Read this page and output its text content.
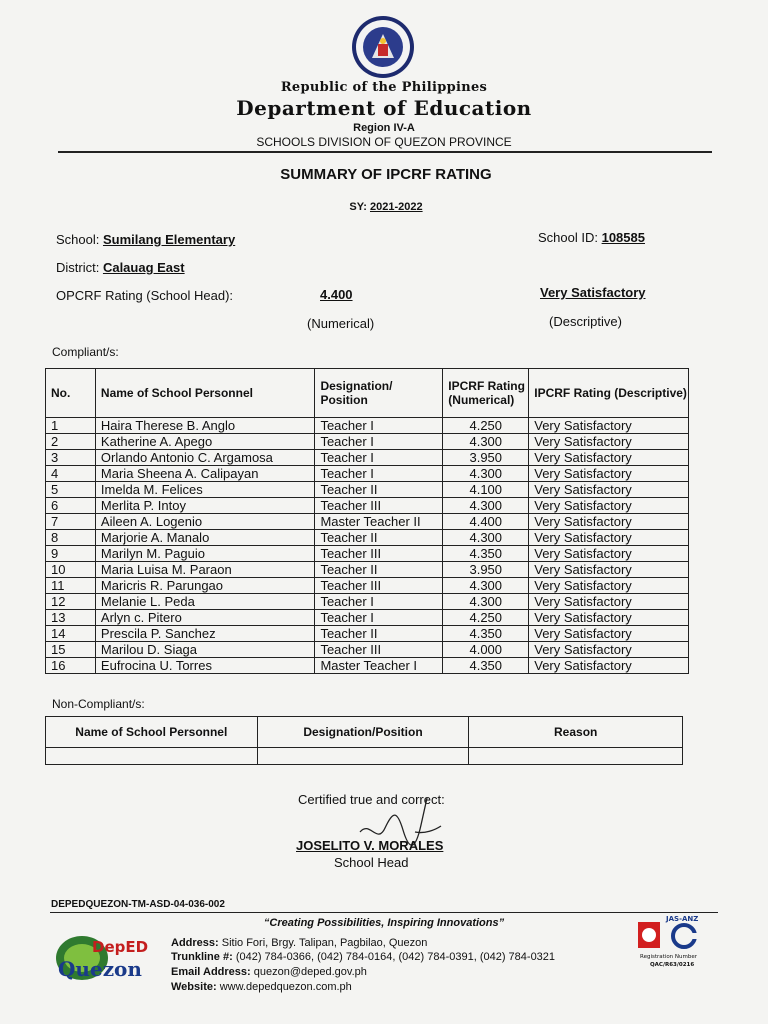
Republic of the Philippines
Department of Education
Region IV-A
SCHOOLS DIVISION OF QUEZON PROVINCE
SUMMARY OF IPCRF RATING
SY: 2021-2022
School: Sumilang Elementary	School ID: 108585
District: Calauag East
OPCRF Rating (School Head):	4.400	Very Satisfactory
(Numerical)	(Descriptive)
Compliant/s:
No.	Name of School Personnel	Designation/ Position	IPCRF Rating (Numerical)	IPCRF Rating (Descriptive)
1	Haira Therese B. Anglo	Teacher I	4.250	Very Satisfactory
2	Katherine A. Apego	Teacher I	4.300	Very Satisfactory
3	Orlando Antonio C. Argamosa	Teacher I	3.950	Very Satisfactory
4	Maria Sheena A. Calipayan	Teacher I	4.300	Very Satisfactory
5	Imelda M. Felices	Teacher II	4.100	Very Satisfactory
6	Merlita P. Intoy	Teacher III	4.300	Very Satisfactory
7	Aileen A. Logenio	Master Teacher II	4.400	Very Satisfactory
8	Marjorie A. Manalo	Teacher II	4.300	Very Satisfactory
9	Marilyn M. Paguio	Teacher III	4.350	Very Satisfactory
10	Maria Luisa M. Paraon	Teacher II	3.950	Very Satisfactory
11	Maricris R. Parungao	Teacher III	4.300	Very Satisfactory
12	Melanie L. Peda	Teacher I	4.300	Very Satisfactory
13	Arlyn c. Pitero	Teacher I	4.250	Very Satisfactory
14	Prescila P. Sanchez	Teacher II	4.350	Very Satisfactory
15	Marilou D. Siaga	Teacher III	4.000	Very Satisfactory
16	Eufrocina U. Torres	Master Teacher I	4.350	Very Satisfactory
Non-Compliant/s:
Name of School Personnel	Designation/Position	Reason

Certified true and correct:
JOSELITO V. MORALES
School Head
DEPEDQUEZON-TM-ASD-04-036-002
“Creating Possibilities, Inspiring Innovations”
DepED
Quezon
Address: Sitio Fori, Brgy. Talipan, Pagbilao, Quezon
Trunkline #: (042) 784-0366, (042) 784-0164, (042) 784-0391, (042) 784-0321
Email Address: quezon@deped.gov.ph
Website: www.depedquezon.com.ph
JAS-ANZ
Registration Number
QAC/R63/0216
